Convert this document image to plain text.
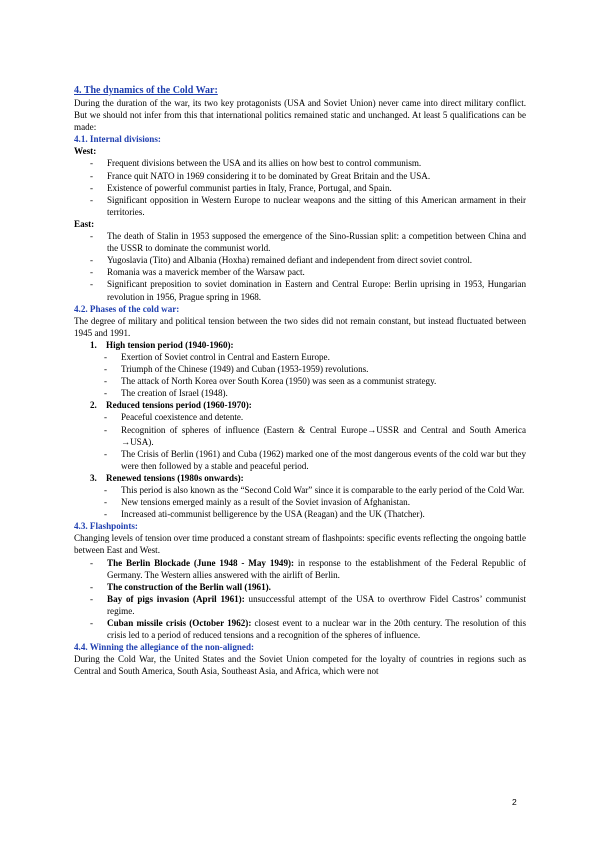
4. The dynamics of the Cold War:

During the duration of the war, its two key protagonists (USA and Soviet Union) never came into direct military conflict. But we should not infer from this that international politics remained static and unchanged. At least 5 qualifications can be made:

4.1. Internal divisions:
West:
- Frequent divisions between the USA and its allies on how best to control communism.
- France quit NATO in 1969 considering it to be dominated by Great Britain and the USA.
- Existence of powerful communist parties in Italy, France, Portugal, and Spain.
- Significant opposition in Western Europe to nuclear weapons and the sitting of this American armament in their territories.
East:
- The death of Stalin in 1953 supposed the emergence of the Sino-Russian split: a competition between China and the USSR to dominate the communist world.
- Yugoslavia (Tito) and Albania (Hoxha) remained defiant and independent from direct soviet control.
- Romania was a maverick member of the Warsaw pact.
- Significant preposition to soviet domination in Eastern and Central Europe: Berlin uprising in 1953, Hungarian revolution in 1956, Prague spring in 1968.
4.2. Phases of the cold war:

The degree of military and political tension between the two sides did not remain constant, but instead fluctuated between 1945 and 1991.

1. High tension period (1940-1960):
- Exertion of Soviet control in Central and Eastern Europe.
- Triumph of the Chinese (1949) and Cuban (1953-1959) revolutions.
- The attack of North Korea over South Korea (1950) was seen as a communist strategy.
- The creation of Israel (1948).
2. Reduced tensions period (1960-1970):
- Peaceful coexistence and detente.
- Recognition of spheres of influence (Eastern & Central Europe→USSR and Central and South America →USA).
- The Crisis of Berlin (1961) and Cuba (1962) marked one of the most dangerous events of the cold war but they were then followed by a stable and peaceful period.
3. Renewed tensions (1980s onwards):
- This period is also known as the “Second Cold War” since it is comparable to the early period of the Cold War.
- New tensions emerged mainly as a result of the Soviet invasion of Afghanistan.
- Increased ati-communist belligerence by the USA (Reagan) and the UK (Thatcher).
4.3. Flashpoints:

Changing levels of tension over time produced a constant stream of flashpoints: specific events reflecting the ongoing battle between East and West.

- The Berlin Blockade (June 1948 - May 1949): in response to the establishment of the Federal Republic of Germany. The Western allies answered with the airlift of Berlin.
- The construction of the Berlin wall (1961).
- Bay of pigs invasion (April 1961): unsuccessful attempt of the USA to overthrow Fidel Castros’ communist regime.
- Cuban missile crisis (October 1962): closest event to a nuclear war in the 20th century. The resolution of this crisis led to a period of reduced tensions and a recognition of the spheres of influence.
4.4. Winning the allegiance of the non-aligned:

During the Cold War, the United States and the Soviet Union competed for the loyalty of countries in regions such as Central and South America, South Asia, Southeast Asia, and Africa, which were not

2
